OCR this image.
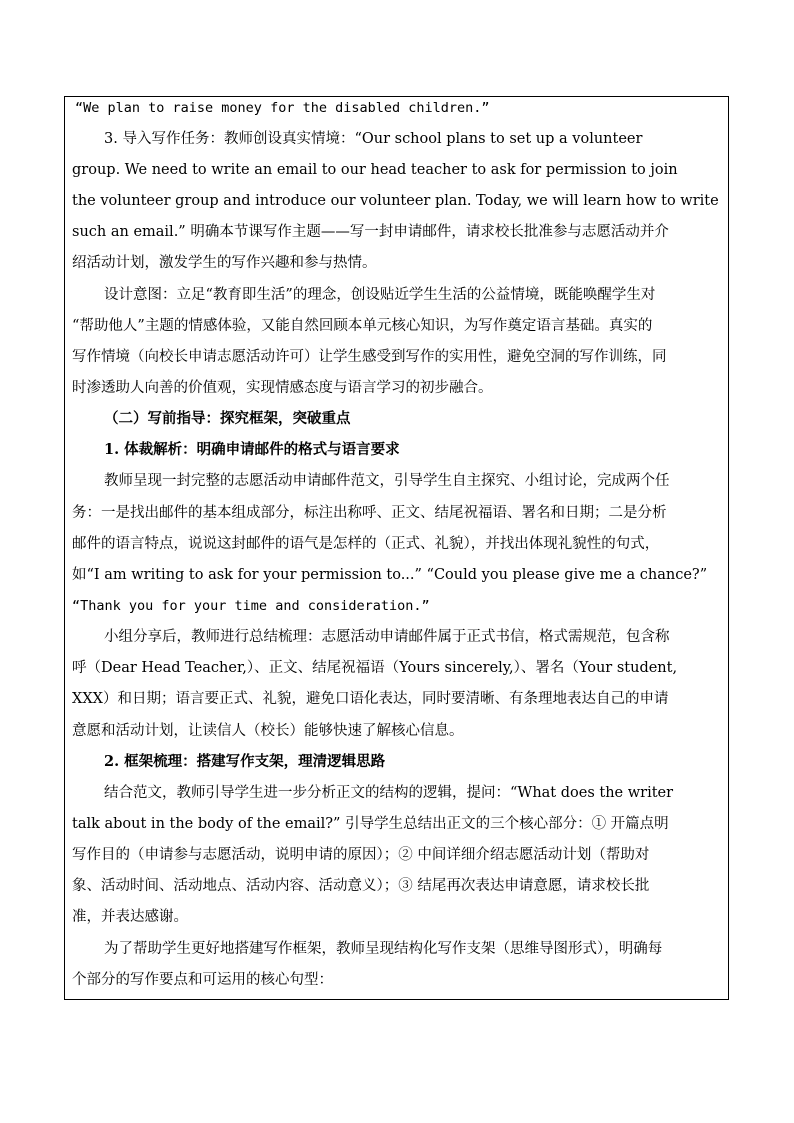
“We plan to raise money for the disabled children.”
3. 导入写作任务：教师创设真实情境：“Our school plans to set up a volunteer
group. We need to write an email to our head teacher to ask for permission to join
the volunteer group and introduce our volunteer plan. Today, we will learn how to write
such an email.” 明确本节课写作主题——写一封申请邮件，请求校长批准参与志愿活动并介
绍活动计划，激发学生的写作兴趣和参与热情。
设计意图：立足“教育即生活”的理念，创设贴近学生生活的公益情境，既能唤醒学生对
“帮助他人”主题的情感体验，又能自然回顾本单元核心知识，为写作奠定语言基础。真实的
写作情境（向校长申请志愿活动许可）让学生感受到写作的实用性，避免空洞的写作训练，同
时渗透助人向善的价值观，实现情感态度与语言学习的初步融合。
（二）写前指导：探究框架，突破重点
1. 体裁解析：明确申请邮件的格式与语言要求
教师呈现一封完整的志愿活动申请邮件范文，引导学生自主探究、小组讨论，完成两个任
务：一是找出邮件的基本组成部分，标注出称呼、正文、结尾祝福语、署名和日期；二是分析
邮件的语言特点，说说这封邮件的语气是怎样的（正式、礼貌），并找出体现礼貌性的句式，
如“I am writing to ask for your permission to...” “Could you please give me a chance?”
“Thank you for your time and consideration.”
小组分享后，教师进行总结梳理：志愿活动申请邮件属于正式书信，格式需规范，包含称
呼（Dear Head Teacher,）、正文、结尾祝福语（Yours sincerely,）、署名（Your student,
XXX）和日期；语言要正式、礼貌，避免口语化表达，同时要清晰、有条理地表达自己的申请
意愿和活动计划，让读信人（校长）能够快速了解核心信息。
2. 框架梳理：搭建写作支架，理清逻辑思路
结合范文，教师引导学生进一步分析正文的结构的逻辑，提问：“What does the writer
talk about in the body of the email?” 引导学生总结出正文的三个核心部分：① 开篇点明
写作目的（申请参与志愿活动，说明申请的原因）；② 中间详细介绍志愿活动计划（帮助对
象、活动时间、活动地点、活动内容、活动意义）；③ 结尾再次表达申请意愿，请求校长批
准，并表达感谢。
为了帮助学生更好地搭建写作框架，教师呈现结构化写作支架（思维导图形式），明确每
个部分的写作要点和可运用的核心句型：
